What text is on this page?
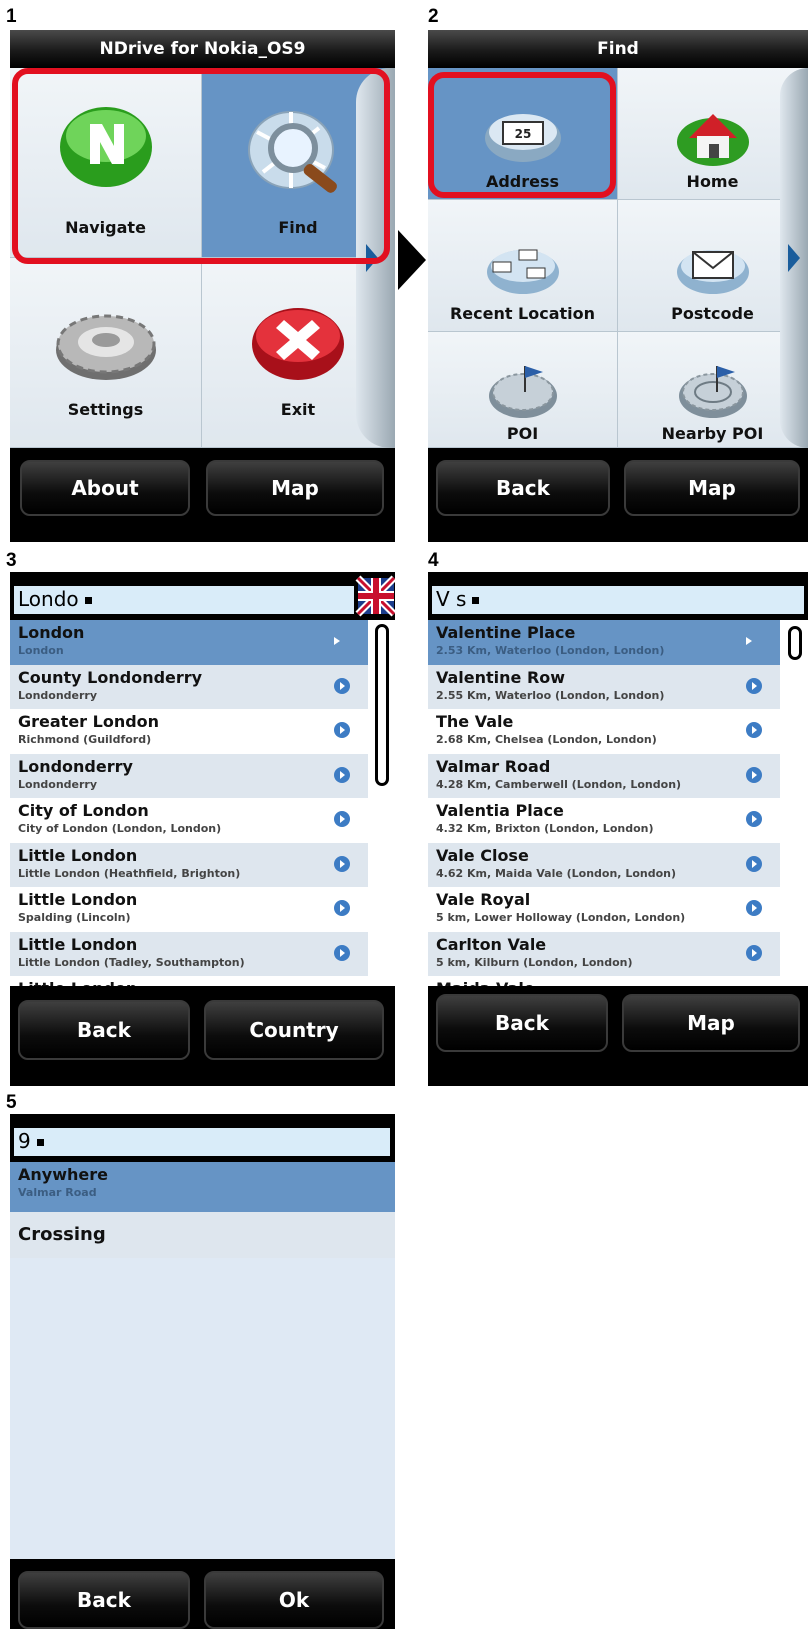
1	2
3	4
5
NDrive for Nokia_OS9
Navigate	Find
Settings	Exit
About	Map
Find
25
Address	Home
Recent Location	Postcode
POI	Nearby POI
Back	Map
Londo
London
London
County Londonderry
Londonderry
Greater London
Richmond (Guildford)
Londonderry
Londonderry
City of London
City of London (London, London)
Little London
Little London (Heathfield, Brighton)
Little London
Spalding (Lincoln)
Little London
Little London (Tadley, Southampton)
Back	Country
V s
Valentine Place
2.53 Km, Waterloo (London, London)
Valentine Row
2.55 Km, Waterloo (London, London)
The Vale
2.68 Km, Chelsea (London, London)
Valmar Road
4.28 Km, Camberwell (London, London)
Valentia Place
4.32 Km, Brixton (London, London)
Vale Close
4.62 Km, Maida Vale (London, London)
Vale Royal
5 km, Lower Holloway (London, London)
Carlton Vale
5 km, Kilburn (London, London)
Back	Map
9
Anywhere
Valmar Road
Crossing
Back	Ok
